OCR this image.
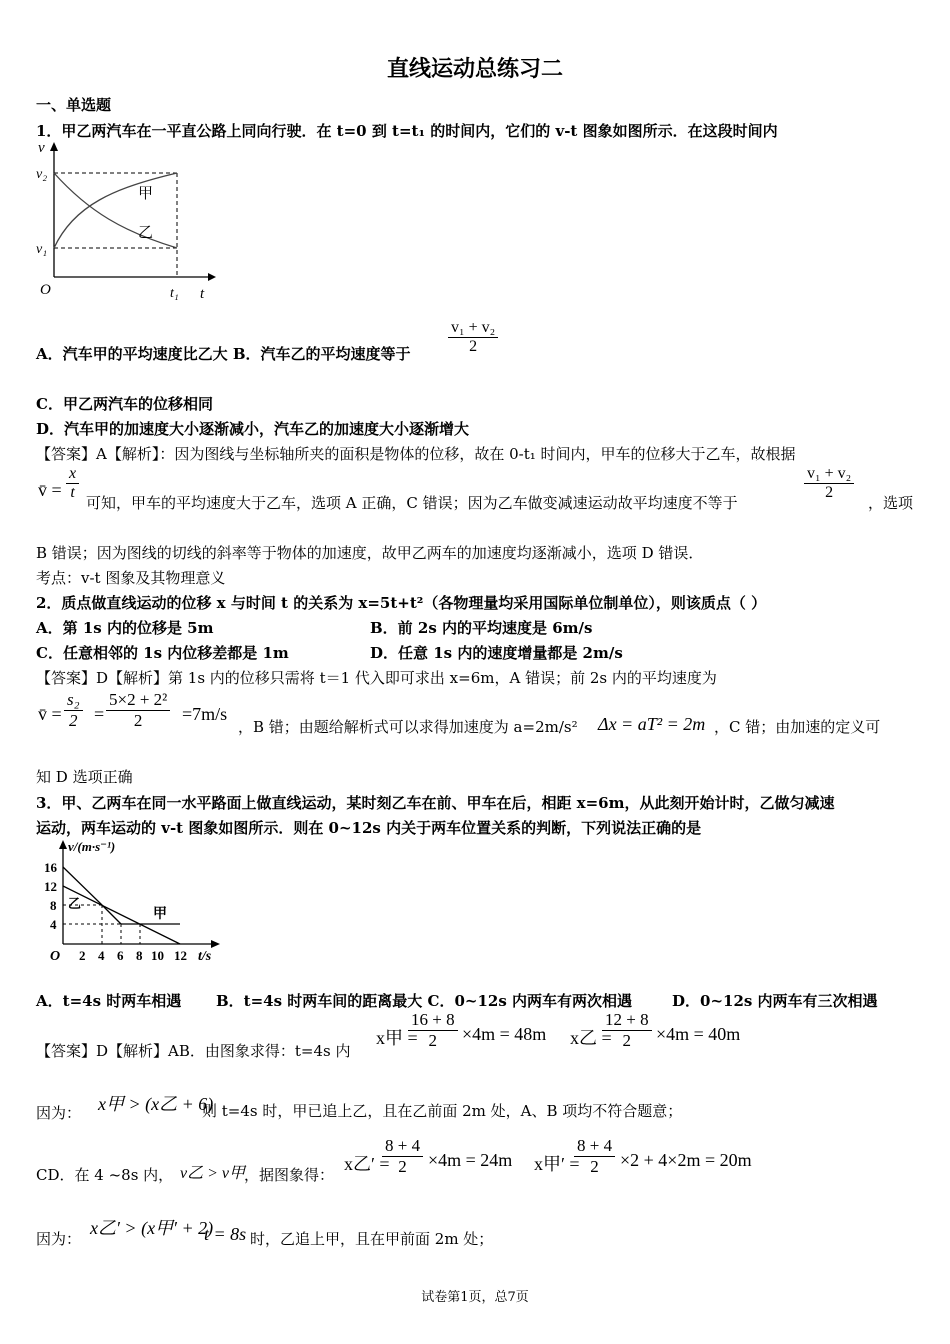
直线运动总练习二
一、单选题
1．甲乙两汽车在一平直公路上同向行驶．在 t=0 到 t=t₁ 的时间内，它们的 v-t 图象如图所示．在这段时间内
v
v₂
v₁
O	t₁ t
甲
乙
A．汽车甲的平均速度比乙大 B．汽车乙的平均速度等于 $\frac{\text{v₁ + v₂}}{2}$
C．甲乙两汽车的位移相同
D．汽车甲的加速度大小逐渐减小，汽车乙的加速度大小逐渐增大
【答案】A【解析】：因为图线与坐标轴所夹的面积是物体的位移，故在 0-t₁ 时间内，甲车的位移大于乙车，故根据
v̄ = $\frac{x}{t}$
可知，甲车的平均速度大于乙车，选项 A 正确，C 错误；因为乙车做变减速运动故平均速度不等于
$\frac{\text{v₁ + v₂}}{2}$
，选项
B 错误；因为图线的切线的斜率等于物体的加速度，故甲乙两车的加速度均逐渐减小，选项 D 错误．
考点：v-t 图象及其物理意义
2．质点做直线运动的位移 x 与时间 t 的关系为 x=5t+t²（各物理量均采用国际单位制单位），则该质点（ ）
A．第 1s 内的位移是 5m	B．前 2s 内的平均速度是 6m/s
C．任意相邻的 1s 内位移差都是 1m	D．任意 1s 内的速度增量都是 2m/s
【答案】D【解析】第 1s 内的位移只需将 t＝1 代入即可求出 x=6m，A 错误；前 2s 内的平均速度为
v̄ = $\frac{\text{s₂}}{2} = \frac{\text{5×2 + 2²}}{2} =7m/s$
，B 错；由题给解析式可以求得加速度为 a=2m/s² Δx = aT² = 2m ，C 错；由加速的定义可
知 D 选项正确
3．甲、乙两车在同一水平路面上做直线运动，某时刻乙车在前、甲车在后，相距 x=6m，从此刻开始计时，乙做匀减速
运动，两车运动的 v-t 图象如图所示．则在 0~12s 内关于两车位置关系的判断，下列说法正确的是
v/(m·s⁻¹)
t/s
O
16
12
8
4
2 4 6 8 10 12
甲
乙
A．t=4s 时两车相遇 B．t=4s 时两车间的距离最大 C．0~12s 内两车有两次相遇	D．0~12s 内两车有三次相遇
【答案】D【解析】AB．由图象求得：t=4s 内
x甲 =
$\frac{16 + 8}{2} \times 4m = 48m$ x乙 =
$\frac{12 + 8}{2} \times 4m = 40m$
因为： x甲 > (x乙 + 6)
则 t=4s 时，甲已追上乙，且在乙前面 2m 处，A、B 项均不符合题意；
CD．在 4 ~8s 内， v乙 > v甲
，据图象得：
x乙′ =
$\frac{8 + 4}{2} \times 4m = 24m$ x甲′ =
$\frac{8 + 4}{2} \times 2 + 4\times 2m = 20m$
因为：
x乙′ > (x甲′ + 2)
t = 8s 时，乙追上甲，且在甲前面 2m 处；
试卷第1页，总7页
